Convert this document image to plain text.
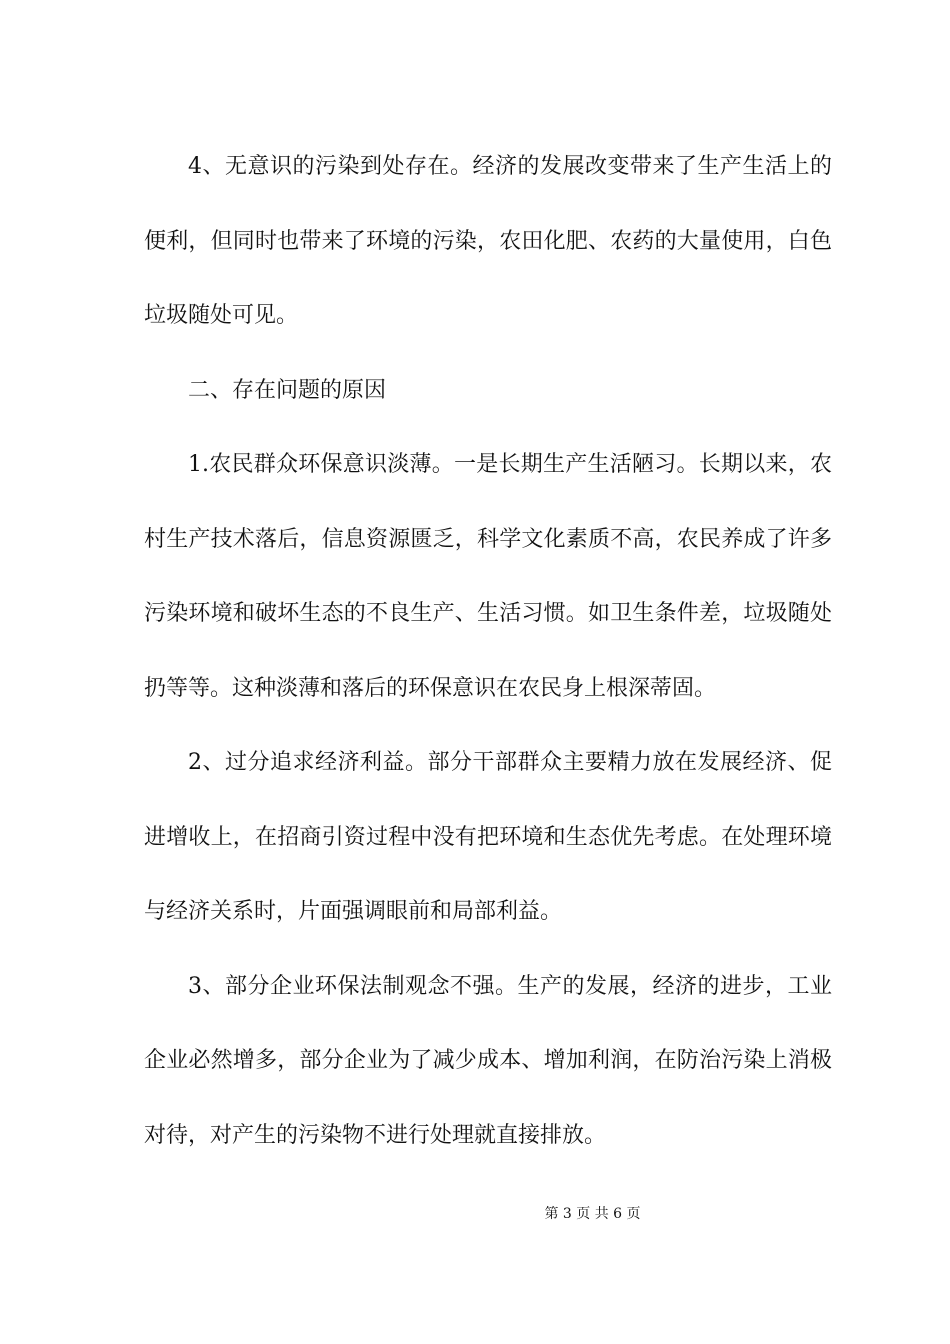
4、无意识的污染到处存在。经济的发展改变带来了生产生活上的便利，但同时也带来了环境的污染，农田化肥、农药的大量使用，白色垃圾随处可见。

二、存在问题的原因

1.农民群众环保意识淡薄。一是长期生产生活陋习。长期以来，农村生产技术落后，信息资源匮乏，科学文化素质不高，农民养成了许多污染环境和破坏生态的不良生产、生活习惯。如卫生条件差，垃圾随处扔等等。这种淡薄和落后的环保意识在农民身上根深蒂固。

2、过分追求经济利益。部分干部群众主要精力放在发展经济、促进增收上，在招商引资过程中没有把环境和生态优先考虑。在处理环境与经济关系时，片面强调眼前和局部利益。

3、部分企业环保法制观念不强。生产的发展，经济的进步，工业企业必然增多，部分企业为了减少成本、增加利润，在防治污染上消极对待，对产生的污染物不进行处理就直接排放。

第 3 页 共 6 页
